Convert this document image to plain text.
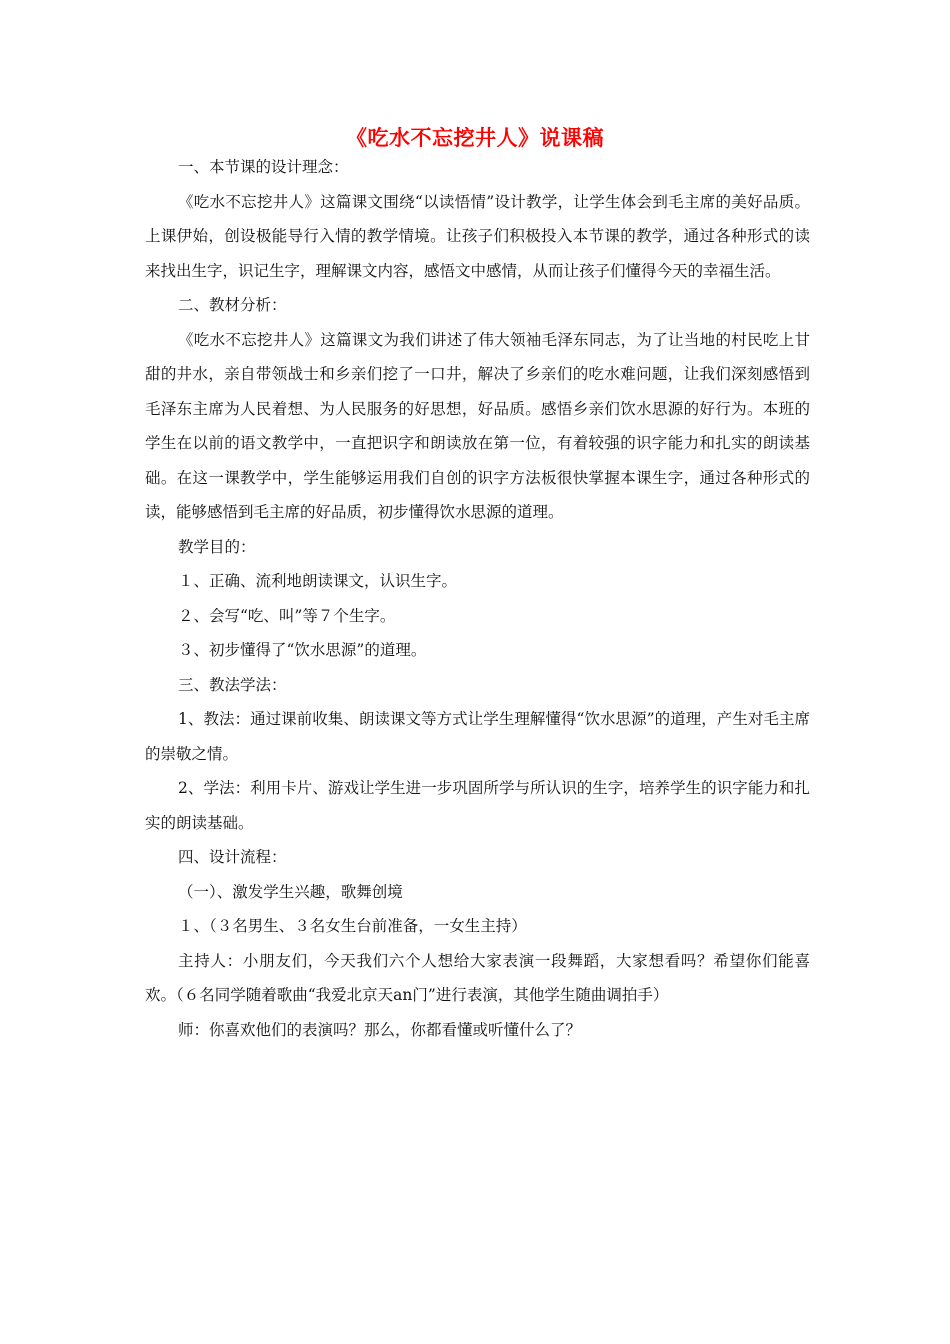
《吃水不忘挖井人》说课稿

一、本节课的设计理念：

《吃水不忘挖井人》这篇课文围绕“以读悟情”设计教学，让学生体会到毛主席的美好品质。上课伊始，创设极能导行入情的教学情境。让孩子们积极投入本节课的教学，通过各种形式的读来找出生字，识记生字，理解课文内容，感悟文中感情，从而让孩子们懂得今天的幸福生活。

二、教材分析：

《吃水不忘挖井人》这篇课文为我们讲述了伟大领袖毛泽东同志，为了让当地的村民吃上甘甜的井水，亲自带领战士和乡亲们挖了一口井，解决了乡亲们的吃水难问题，让我们深刻感悟到毛泽东主席为人民着想、为人民服务的好思想，好品质。感悟乡亲们饮水思源的好行为。本班的学生在以前的语文教学中，一直把识字和朗读放在第一位，有着较强的识字能力和扎实的朗读基础。在这一课教学中，学生能够运用我们自创的识字方法板很快掌握本课生字，通过各种形式的读，能够感悟到毛主席的好品质，初步懂得饮水思源的道理。

教学目的：

１、正确、流利地朗读课文，认识生字。

２、会写“吃、叫”等７个生字。

３、初步懂得了“饮水思源”的道理。

三、教法学法：

1、教法：通过课前收集、朗读课文等方式让学生理解懂得“饮水思源”的道理，产生对毛主席的崇敬之情。

2、学法：利用卡片、游戏让学生进一步巩固所学与所认识的生字，培养学生的识字能力和扎实的朗读基础。

四、设计流程：

（一）、激发学生兴趣，歌舞创境

１、（３名男生、３名女生台前准备，一女生主持）

主持人：小朋友们，今天我们六个人想给大家表演一段舞蹈，大家想看吗？希望你们能喜欢。（６名同学随着歌曲“我爱北京天an门”进行表演，其他学生随曲调拍手）

师：你喜欢他们的表演吗？那么，你都看懂或听懂什么了？
